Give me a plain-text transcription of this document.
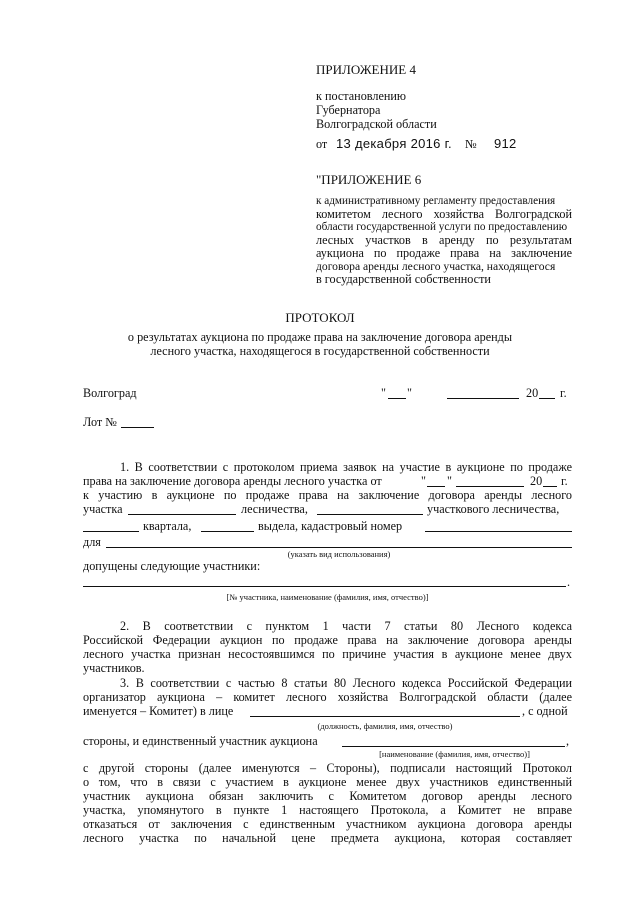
ПРИЛОЖЕНИЕ 4
к постановлению
Губернатора
Волгоградской области
от 13 декабря 2016 г. № 912
"ПРИЛОЖЕНИЕ 6
к административному регламенту предоставления
комитетом лесного хозяйства Волгоградской
области государственной услуги по предоставлению
лесных участков в аренду по результатам
аукциона по продаже права на заключение
договора аренды лесного участка, находящегося
в государственной собственности
ПРОТОКОЛ
о результатах аукциона по продаже права на заключение договора аренды
лесного участка, находящегося в государственной собственности
Волгоград	" "	20 г.
Лот №
1. В соответствии с протоколом приема заявок на участие в аукционе по продаже
права на заключение договора аренды лесного участка от	" "	20 г.
к участию в аукционе по продаже права на заключение договора аренды лесного
участка	лесничества,	участкового лесничества,
квартала,	выдела, кадастровый номер
для
(указать вид использования)
допущены следующие участники:
.
[№ участника, наименование (фамилия, имя, отчество)]
2. В соответствии с пунктом 1 части 7 статьи 80 Лесного кодекса
Российской Федерации аукцион по продаже права на заключение договора аренды
лесного участка признан несостоявшимся по причине участия в аукционе менее двух
участников.
3. В соответствии с частью 8 статьи 80 Лесного кодекса Российской Федерации
организатор аукциона – комитет лесного хозяйства Волгоградской области (далее
именуется – Комитет) в лице	, с одной
(должность, фамилия, имя, отчество)
стороны, и единственный участник аукциона	,
[наименование (фамилия, имя, отчество)]
с другой стороны (далее именуются – Стороны), подписали настоящий Протокол
о том, что в связи с участием в аукционе менее двух участников единственный
участник аукциона обязан заключить с Комитетом договор аренды лесного
участка, упомянутого в пункте 1 настоящего Протокола, а Комитет не вправе
отказаться от заключения с единственным участником аукциона договора аренды
лесного участка по начальной цене предмета аукциона, которая составляет
